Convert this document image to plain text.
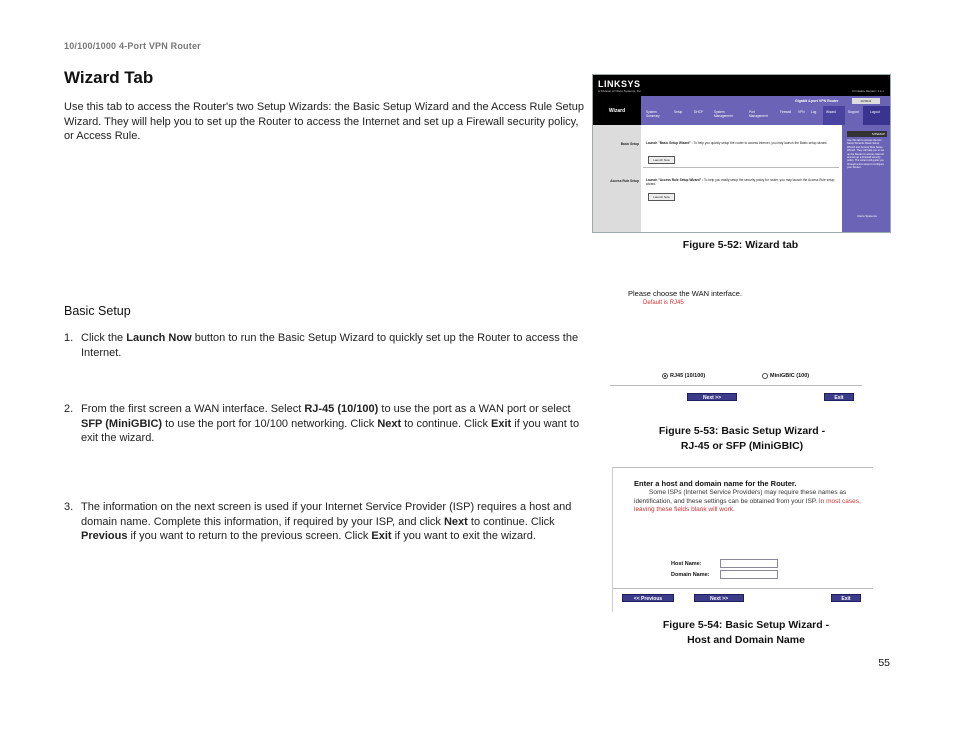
10/100/1000 4-Port VPN Router
Wizard Tab
Use this tab to access the Router's two Setup Wizards: the Basic Setup Wizard and the Access Rule Setup Wizard. They will help you to set up the Router to access the Internet and set up a Firewall security policy, or Access Rule.
Basic Setup
1. Click the Launch Now button to run the Basic Setup Wizard to quickly set up the Router to access the Internet.
2. From the first screen a WAN interface. Select RJ-45 (10/100) to use the port as a WAN port or select SFP (MiniGBIC) to use the port for 10/100 networking. Click Next to continue. Click Exit if you want to exit the wizard.
3. The information on the next screen is used if your Internet Service Provider (ISP) requires a host and domain name. Complete this information, if required by your ISP, and click Next to continue. Click Previous if you want to return to the previous screen. Click Exit if you want to exit the wizard.
LINKSYS
A Division of Cisco Systems, Inc.	Firmware Version: 1.1.x
Wizard
Gigabit 4-port VPN Router	RV0041
System Summary
Setup	DHCP	System Management
Port Management
Firewall VPN Log	Wizard	Support	Logout
SITEMAP
Use this tab to access the two Setup Wizards: Basic Setup Wizard and Access Rule Setup Wizard. They will help you to set up the Router to access Internet and set up a Firewall security policy. The wizard will guide you through a few steps to configure your Router.
Cisco Systems
Basic Setup Launch "Basic Setup Wizard" : To help you quickly setup the router to access internet, you may launch the Basic setup wizard.
Launch Now
Access Rule Setup Launch "Access Rule Setup Wizard" : To help you easily setup the security policy for router, you may launch the Access Rule setup wizard.
Launch Now
Figure 5-52: Wizard tab
Please choose the WAN interface.
Default is RJ45
RJ45 (10/100)	MiniGBIC (100)
Next >>	Exit
Figure 5-53: Basic Setup Wizard -
RJ-45 or SFP (MiniGBIC)
Enter a host and domain name for the Router.
Some ISPs (Internet Service Providers) may require these names as identification, and these settings can be obtained from your ISP. In most cases, leaving these fields blank will work.
Host Name:
Domain Name:
<< Previous	Next >>	Exit
Figure 5-54: Basic Setup Wizard -
Host and Domain Name
55
